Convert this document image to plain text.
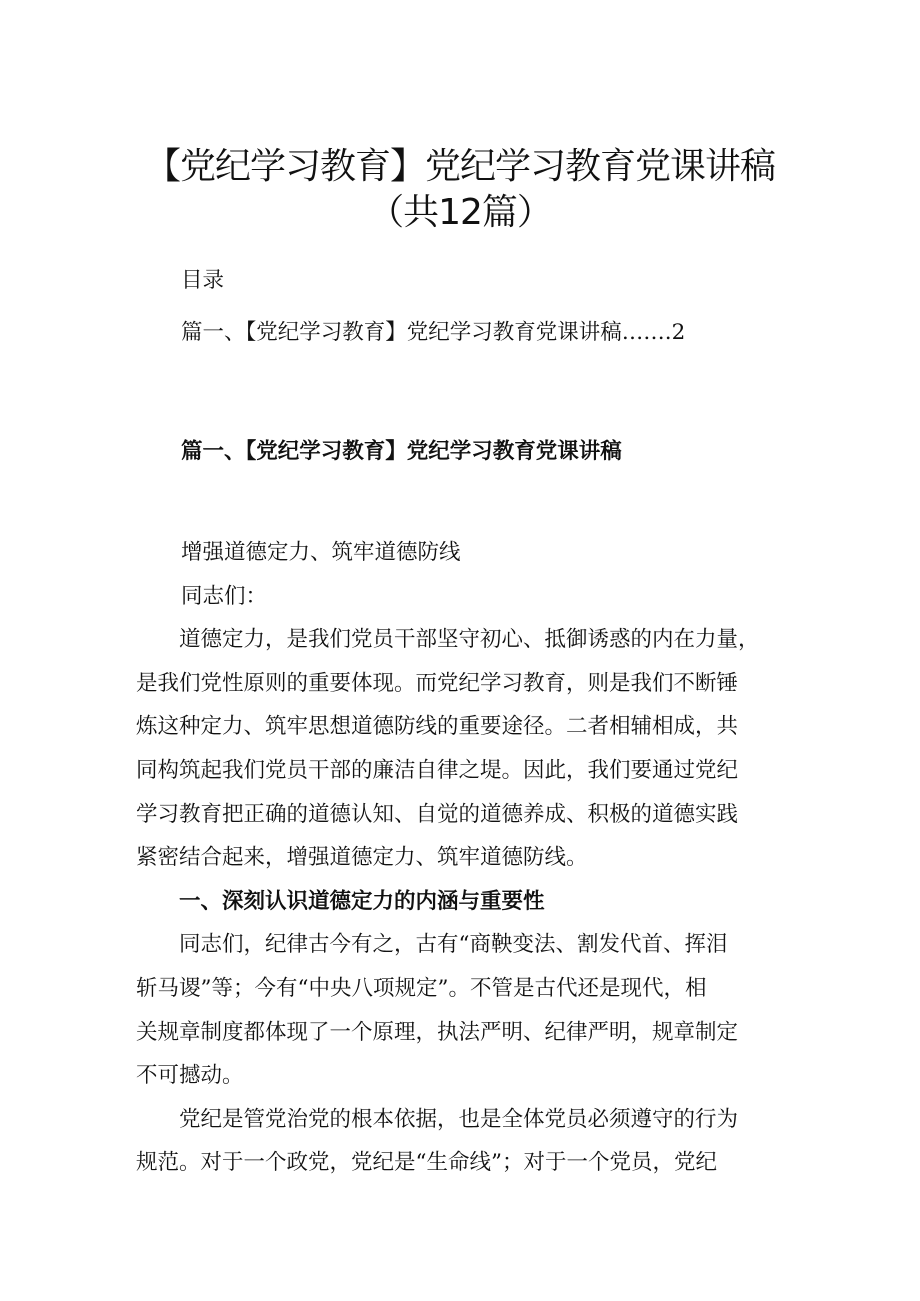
【党纪学习教育】党纪学习教育党课讲稿
（共12篇）
目录
篇一、【党纪学习教育】党纪学习教育党课讲稿…….2
篇一、【党纪学习教育】党纪学习教育党课讲稿
增强道德定力、筑牢道德防线
同志们：
　　道德定力，是我们党员干部坚守初心、抵御诱惑的内在力量，
是我们党性原则的重要体现。而党纪学习教育，则是我们不断锤
炼这种定力、筑牢思想道德防线的重要途径。二者相辅相成，共
同构筑起我们党员干部的廉洁自律之堤。因此，我们要通过党纪
学习教育把正确的道德认知、自觉的道德养成、积极的道德实践
紧密结合起来，增强道德定力、筑牢道德防线。
　　一、深刻认识道德定力的内涵与重要性
　　同志们，纪律古今有之，古有“商鞅变法、割发代首、挥泪
斩马谡”等；今有“中央八项规定”。不管是古代还是现代，相
关规章制度都体现了一个原理，执法严明、纪律严明，规章制定
不可撼动。
　　党纪是管党治党的根本依据，也是全体党员必须遵守的行为
规范。对于一个政党，党纪是“生命线”；对于一个党员，党纪
